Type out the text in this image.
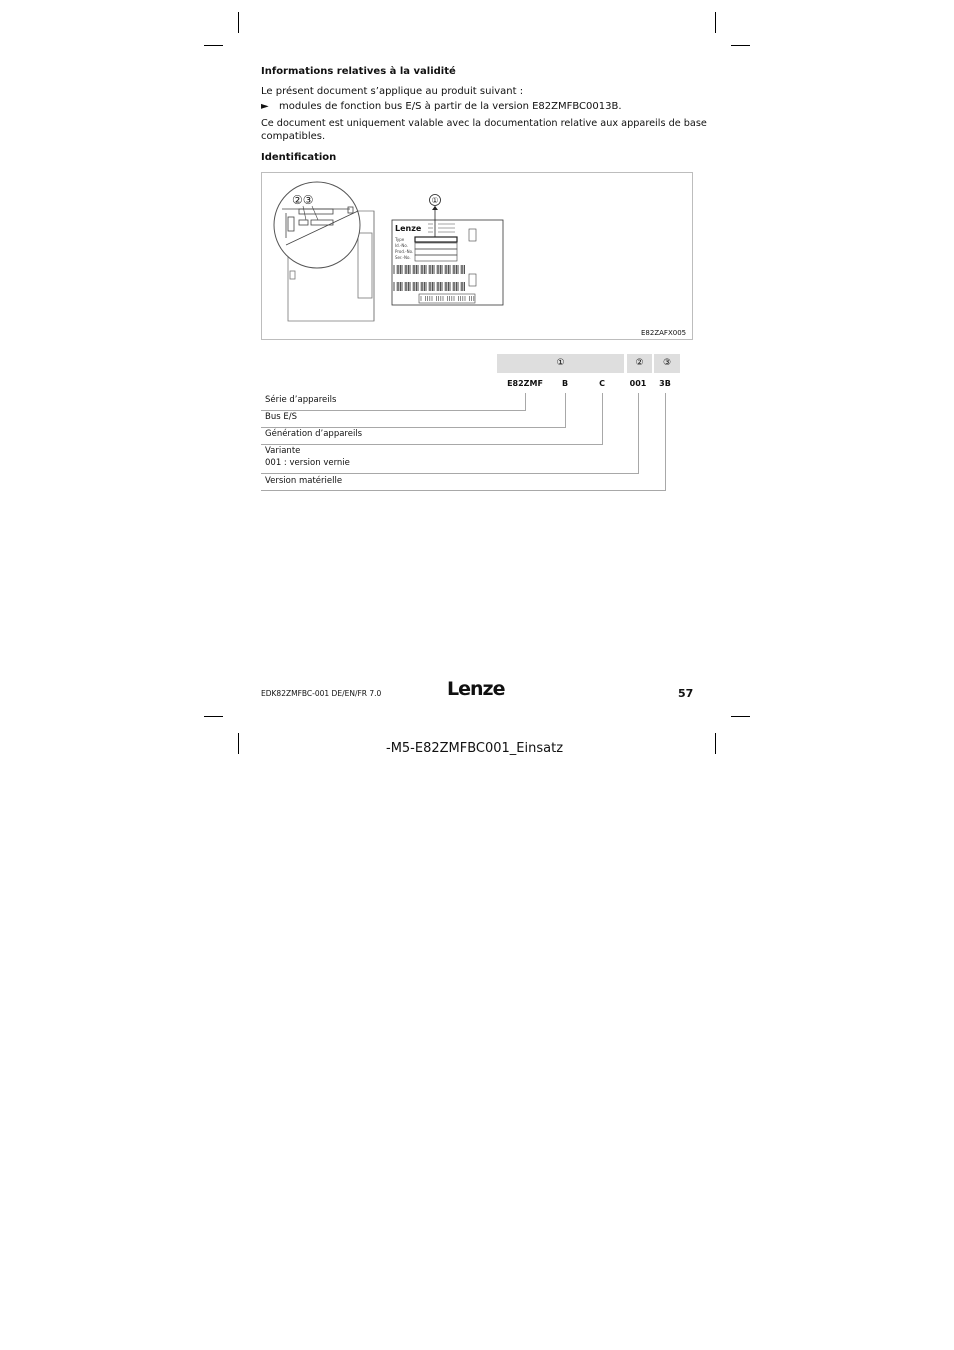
Informations relatives à la validité
Le présent document s’applique au produit suivant :
► modules de fonction bus E/S à partir de la version E82ZMFBC0013B.
Ce document est uniquement valable avec la documentation relative aux appareils de base
compatibles.
Identification
②③
Lenze
Type Id.-No. Prod.-No. Ser.-No.
①
E82ZAFX005
①	②	③
E82ZMF	B	C	001	3B
Série d’appareils
Bus E/S
Génération d’appareils
Variante
001 : version vernie
Version matérielle
EDK82ZMFBC-001 DE/EN/FR 7.0	Lenze	57
-M5-E82ZMFBC001_Einsatz
